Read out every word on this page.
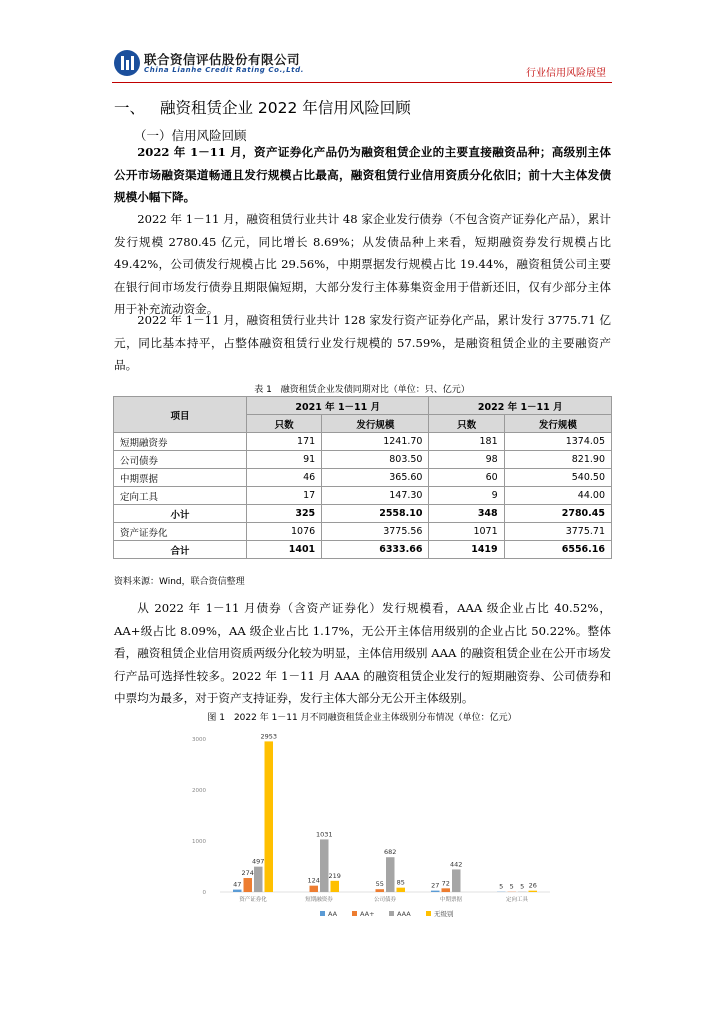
联合资信评估股份有限公司
China Lianhe Credit Rating Co.,Ltd.	行业信用风险展望
一、 融资租赁企业 2022 年信用风险回顾
（一）信用风险回顾
2022 年 1－11 月，资产证券化产品仍为融资租赁企业的主要直接融资品种；高级别主体公开市场融资渠道畅通且发行规模占比最高，融资租赁行业信用资质分化依旧；前十大主体发债规模小幅下降。
2022 年 1－11 月，融资租赁行业共计 48 家企业发行债券（不包含资产证券化产品），累计发行规模 2780.45 亿元，同比增长 8.69%；从发债品种上来看，短期融资券发行规模占比 49.42%，公司债发行规模占比 29.56%，中期票据发行规模占比 19.44%，融资租赁公司主要在银行间市场发行债券且期限偏短期，大部分发行主体募集资金用于借新还旧，仅有少部分主体用于补充流动资金。
2022 年 1－11 月，融资租赁行业共计 128 家发行资产证券化产品，累计发行 3775.71 亿元，同比基本持平，占整体融资租赁行业发行规模的 57.59%，是融资租赁企业的主要融资产品。
表 1　融资租赁企业发债同期对比（单位：只、亿元）
项目	2021 年 1－11 月		2022 年 1－11 月	
	只数	发行规模	只数	发行规模
短期融资券	171	1241.70	181	1374.05
公司债券	91	803.50	98	821.90
中期票据	46	365.60	60	540.50
定向工具	17	147.30	9	44.00
小计	325	2558.10	348	2780.45
资产证券化	1076	3775.56	1071	3775.71
合计	1401	6333.66	1419	6556.16
资料来源：Wind，联合资信整理
从 2022 年 1－11 月债券（含资产证券化）发行规模看，AAA 级企业占比 40.52%，AA+级占比 8.09%，AA 级企业占比 1.17%，无公开主体信用级别的企业占比 50.22%。整体看，融资租赁企业信用资质两级分化较为明显，主体信用级别 AAA 的融资租赁企业在公开市场发行产品可选择性较多。2022 年 1－11 月 AAA 的融资租赁企业发行的短期融资券、公司债券和中票均为最多，对于资产支持证券，发行主体大部分无公开主体级别。
图 1　2022 年 1－11 月不同融资租赁企业主体级别分布情况（单位：亿元）
0
1000
2000
3000
47
274
497
2953
资产证券化
124
1031
219
短期融资券
55
682
85
公司债券
27 72
442
中期票据
5 5 5 26
定向工具
AA	AA+	AAA	无级别
